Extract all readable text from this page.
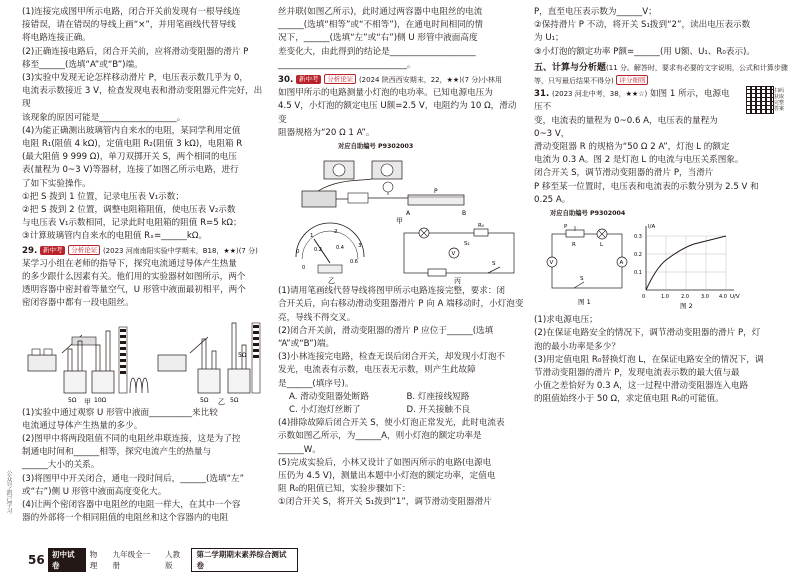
(1)连接完成图甲所示电路，闭合开关前发现有一根导线连
接错误，请在错误的导线上画“×”，并用笔画线代替导线
将电路连接正确。
(2)正确连接电路后，闭合开关前，应将滑动变阻器的滑片 P
移至______(选填“A”或“B”)端。
(3)实验中发现无论怎样移动滑片 P，电压表示数几乎为 0，
电流表示数接近 3 V，检查发现电表和滑动变阻器元件完好，出现
该现象的原因可能是__________________。
(4)为能正确测出玻璃管内自来水的电阻，某同学利用定值
电阻 R₁(阻值 4 kΩ)，定值电阻 R₂(阻值 3 kΩ)，电阻箱 R
(最大阻值 9 999 Ω)，单刀双掷开关 S，两个相同的电压
表(量程为 0~3 V)等器材，连接了如图乙所示电路，进行
了如下实验操作。
①把 S 拨到 1 位置，记录电压表 V₁示数；
②把 S 拨到 2 位置，调整电阻箱阻值，使电压表 V₂示数
与电压表 V₁示数相同，记录此时电阻箱的阻值 R=5 kΩ；
③计算玻璃管内自来水的电阻值 Rₓ=______kΩ。
29. 新中考 分析论证 (2023 河南南阳实验中学期末，B18，★★)(7 分)
某学习小组在老师的指导下，探究电流通过导体产生热量
的多少跟什么因素有关。他们用的实验器材如图所示，两个
透明容器中密封着等量空气，U 形管中液面最初相平，两个
密闭容器中都有一段电阻丝。
5Ω	10Ω
甲
5Ω
5Ω	5Ω
乙
(1)实验中通过观察 U 形管中液面__________来比较
电流通过导体产生热量的多少。
(2)图甲中将两段阻值不同的电阻丝串联连接，这是为了控
制通电时间和______相等，探究电流产生的热量与
______大小的关系。
(3)将图甲中开关闭合，通电一段时间后，______(选填“左”
或“右”)侧 U 形管中液面高度变化大。
(4)让两个密闭容器中电阻丝的电阻一样大，在其中一个容
器的外部将一个相同阻值的电阻丝和这个容器内的电阻
丝并联(如图乙所示)，此时通过两容器中电阻丝的电流
______(选填“相等”或“不相等”)，在通电时间相同的情
况下，______(选填“左”或“右”)侧 U 形管中液面高度
差变化大，由此得到的结论是____________________
______________________________。
30. 新中考 分析论证 (2024 陕西西安期末，22，★★)(7 分)小林用
如图甲所示的电路测量小灯泡的电功率。已知电源电压为
4.5 V，小灯泡的额定电压 U额=2.5 V，电阻约为 10 Ω，滑动变
阻器规格为“20 Ω 1 A”。
对应自助编号 P9302003
A	B
P
甲
0
1
2
3
0
0.2	0.4
0.6
乙
V
R₀
S₁
S
丙
(1)请用笔画线代替导线将图甲所示电路连接完整，要求：闭
合开关后，向右移动滑动变阻器滑片 P 向 A 端移动时，小灯泡变
亮，导线不得交叉。
(2)闭合开关前，滑动变阻器的滑片 P 应位于______(选填
“A”或“B”)端。
(3)小林连接完电路，检查无误后闭合开关，却发现小灯泡不
发光，电流表有示数，电压表无示数，则产生此故障
是______(填序号)。
A. 滑动变阻器处断路	B. 灯座接线短路
C. 小灯泡灯丝断了	D. 开关接触不良
(4)排除故障后闭合开关 S，使小灯泡正常发光，此时电流表
示数如图乙所示，为______A，则小灯泡的额定功率是
______W。
(5)完成实验后，小林又设计了如图丙所示的电路(电源电
压仍为 4.5 V)，测量出本题中小灯泡的额定功率，定值电
阻 R₀的阻值已知，实验步骤如下：
①闭合开关 S，将开关 S₁拨到“1”，调节滑动变阻器滑片
P，直至电压表示数为______V；
②保持滑片 P 不动，将开关 S₁拨到“2”，读出电压表示数
为 U₁；
③小灯泡的额定功率 P额=______(用 U额、U₁、R₀表示)。
五、计算与分析题(11 分。解答时，要求有必要的文字说明，公式和计算步骤等，只写最后结果不得分) 评分细则
31. (2023 河北中考，38，★★☆) 如图 1 所示，电源电压不
变，电流表的量程为 0~0.6 A，电压表的量程为 0~3 V，
滑动变阻器 R 的规格为“50 Ω 2 A”，灯泡 L 的额定
电流为 0.3 A。图 2 是灯泡 L 的电流与电压关系图象。
闭合开关 S，调节滑动变阻器的滑片 P，当滑片
P 移至某一位置时，电压表和电流表的示数分别为 2.5 V 和
0.25 A。
扫码获取完整答案
对应自助编号 P9302004
P
R	L
V	A
S
图 1
I/A
U/V
0.3
0.2
0.1
0	1.0 2.0 3.0 4.0
图 2
(1)求电源电压；
(2)在保证电路安全的情况下，调节滑动变阻器的滑片 P，灯
泡的最小功率是多少？
(3)用定值电阻 R₀替换灯泡 L，在保证电路安全的情况下，调
节滑动变阻器的滑片 P，发现电流表示数的最大值与最
小值之差恰好为 0.3 A，这一过程中滑动变阻器连入电路
的阻值始终小于 50 Ω，求定值电阻 R₀的可能值。
公众号·凯己学习
56 初中试卷
物理
九年级全一册
人教版
第二学期期末素养综合测试卷
